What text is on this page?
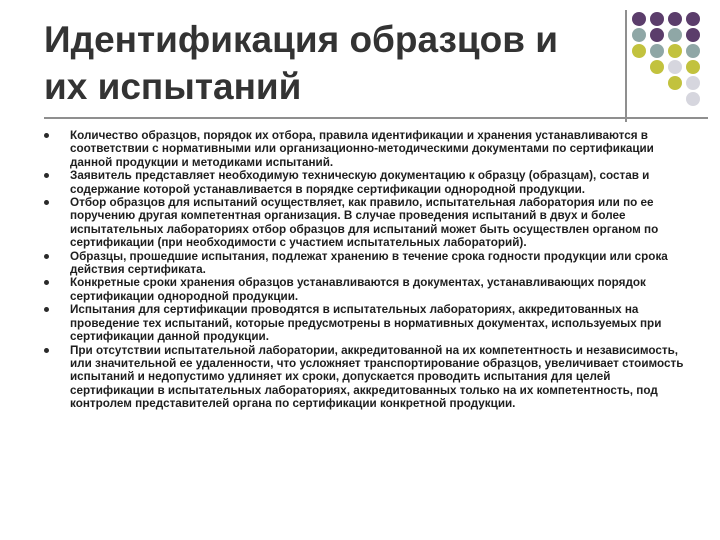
Идентификация образцов и
их испытаний
Количество образцов, порядок их отбора, правила идентификации и хранения устанавливаются в соответствии с нормативными или организационно-методическими документами по сертификации данной продукции и методиками испытаний.
Заявитель представляет необходимую техническую документацию к образцу (образцам), состав и содержание которой устанавливается в порядке сертификации однородной продукции.
Отбор образцов для испытаний осуществляет, как правило, испытательная лаборатория или по ее поручению другая компетентная организация. В случае проведения испытаний в двух и более испытательных лабораториях отбор образцов для испытаний может быть осуществлен органом по сертификации (при необходимости с участием испытательных лабораторий).
Образцы, прошедшие испытания, подлежат хранению в течение срока годности продукции или срока действия сертификата.
Конкретные сроки хранения образцов устанавливаются в документах, устанавливающих порядок сертификации однородной продукции.
Испытания для сертификации проводятся в испытательных лабораториях, аккредитованных на проведение тех испытаний, которые предусмотрены в нормативных документах, используемых при сертификации данной продукции.
При отсутствии испытательной лаборатории, аккредитованной на их компетентность и независимость, или значительной ее удаленности, что усложняет транспортирование образцов, увеличивает стоимость испытаний и недопустимо удлиняет их сроки, допускается проводить испытания для целей сертификации в испытательных лабораториях, аккредитованных только на их компетентность, под контролем представителей органа по сертификации конкретной продукции.
